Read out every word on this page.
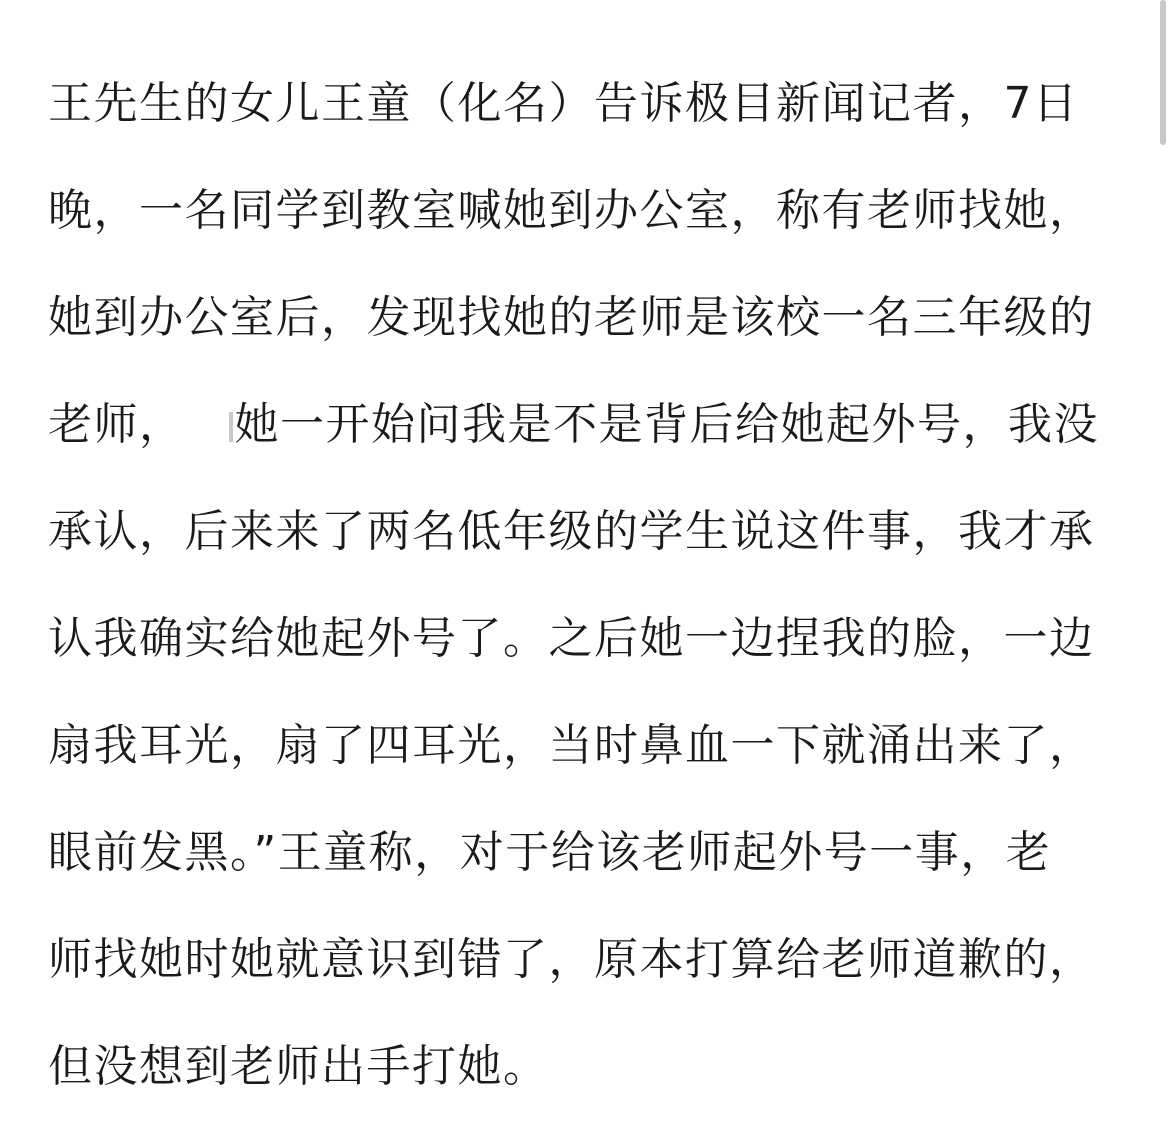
王先生的女儿王童（化名）告诉极目新闻记者，7日
晚，一名同学到教室喊她到办公室，称有老师找她，
她到办公室后，发现找她的老师是该校一名三年级的
老师， 她一开始问我是不是背后给她起外号，我没
承认，后来来了两名低年级的学生说这件事，我才承
认我确实给她起外号了。之后她一边捏我的脸，一边
扇我耳光，扇了四耳光，当时鼻血一下就涌出来了，
眼前发黑。”王童称，对于给该老师起外号一事，老
师找她时她就意识到错了，原本打算给老师道歉的，
但没想到老师出手打她。
